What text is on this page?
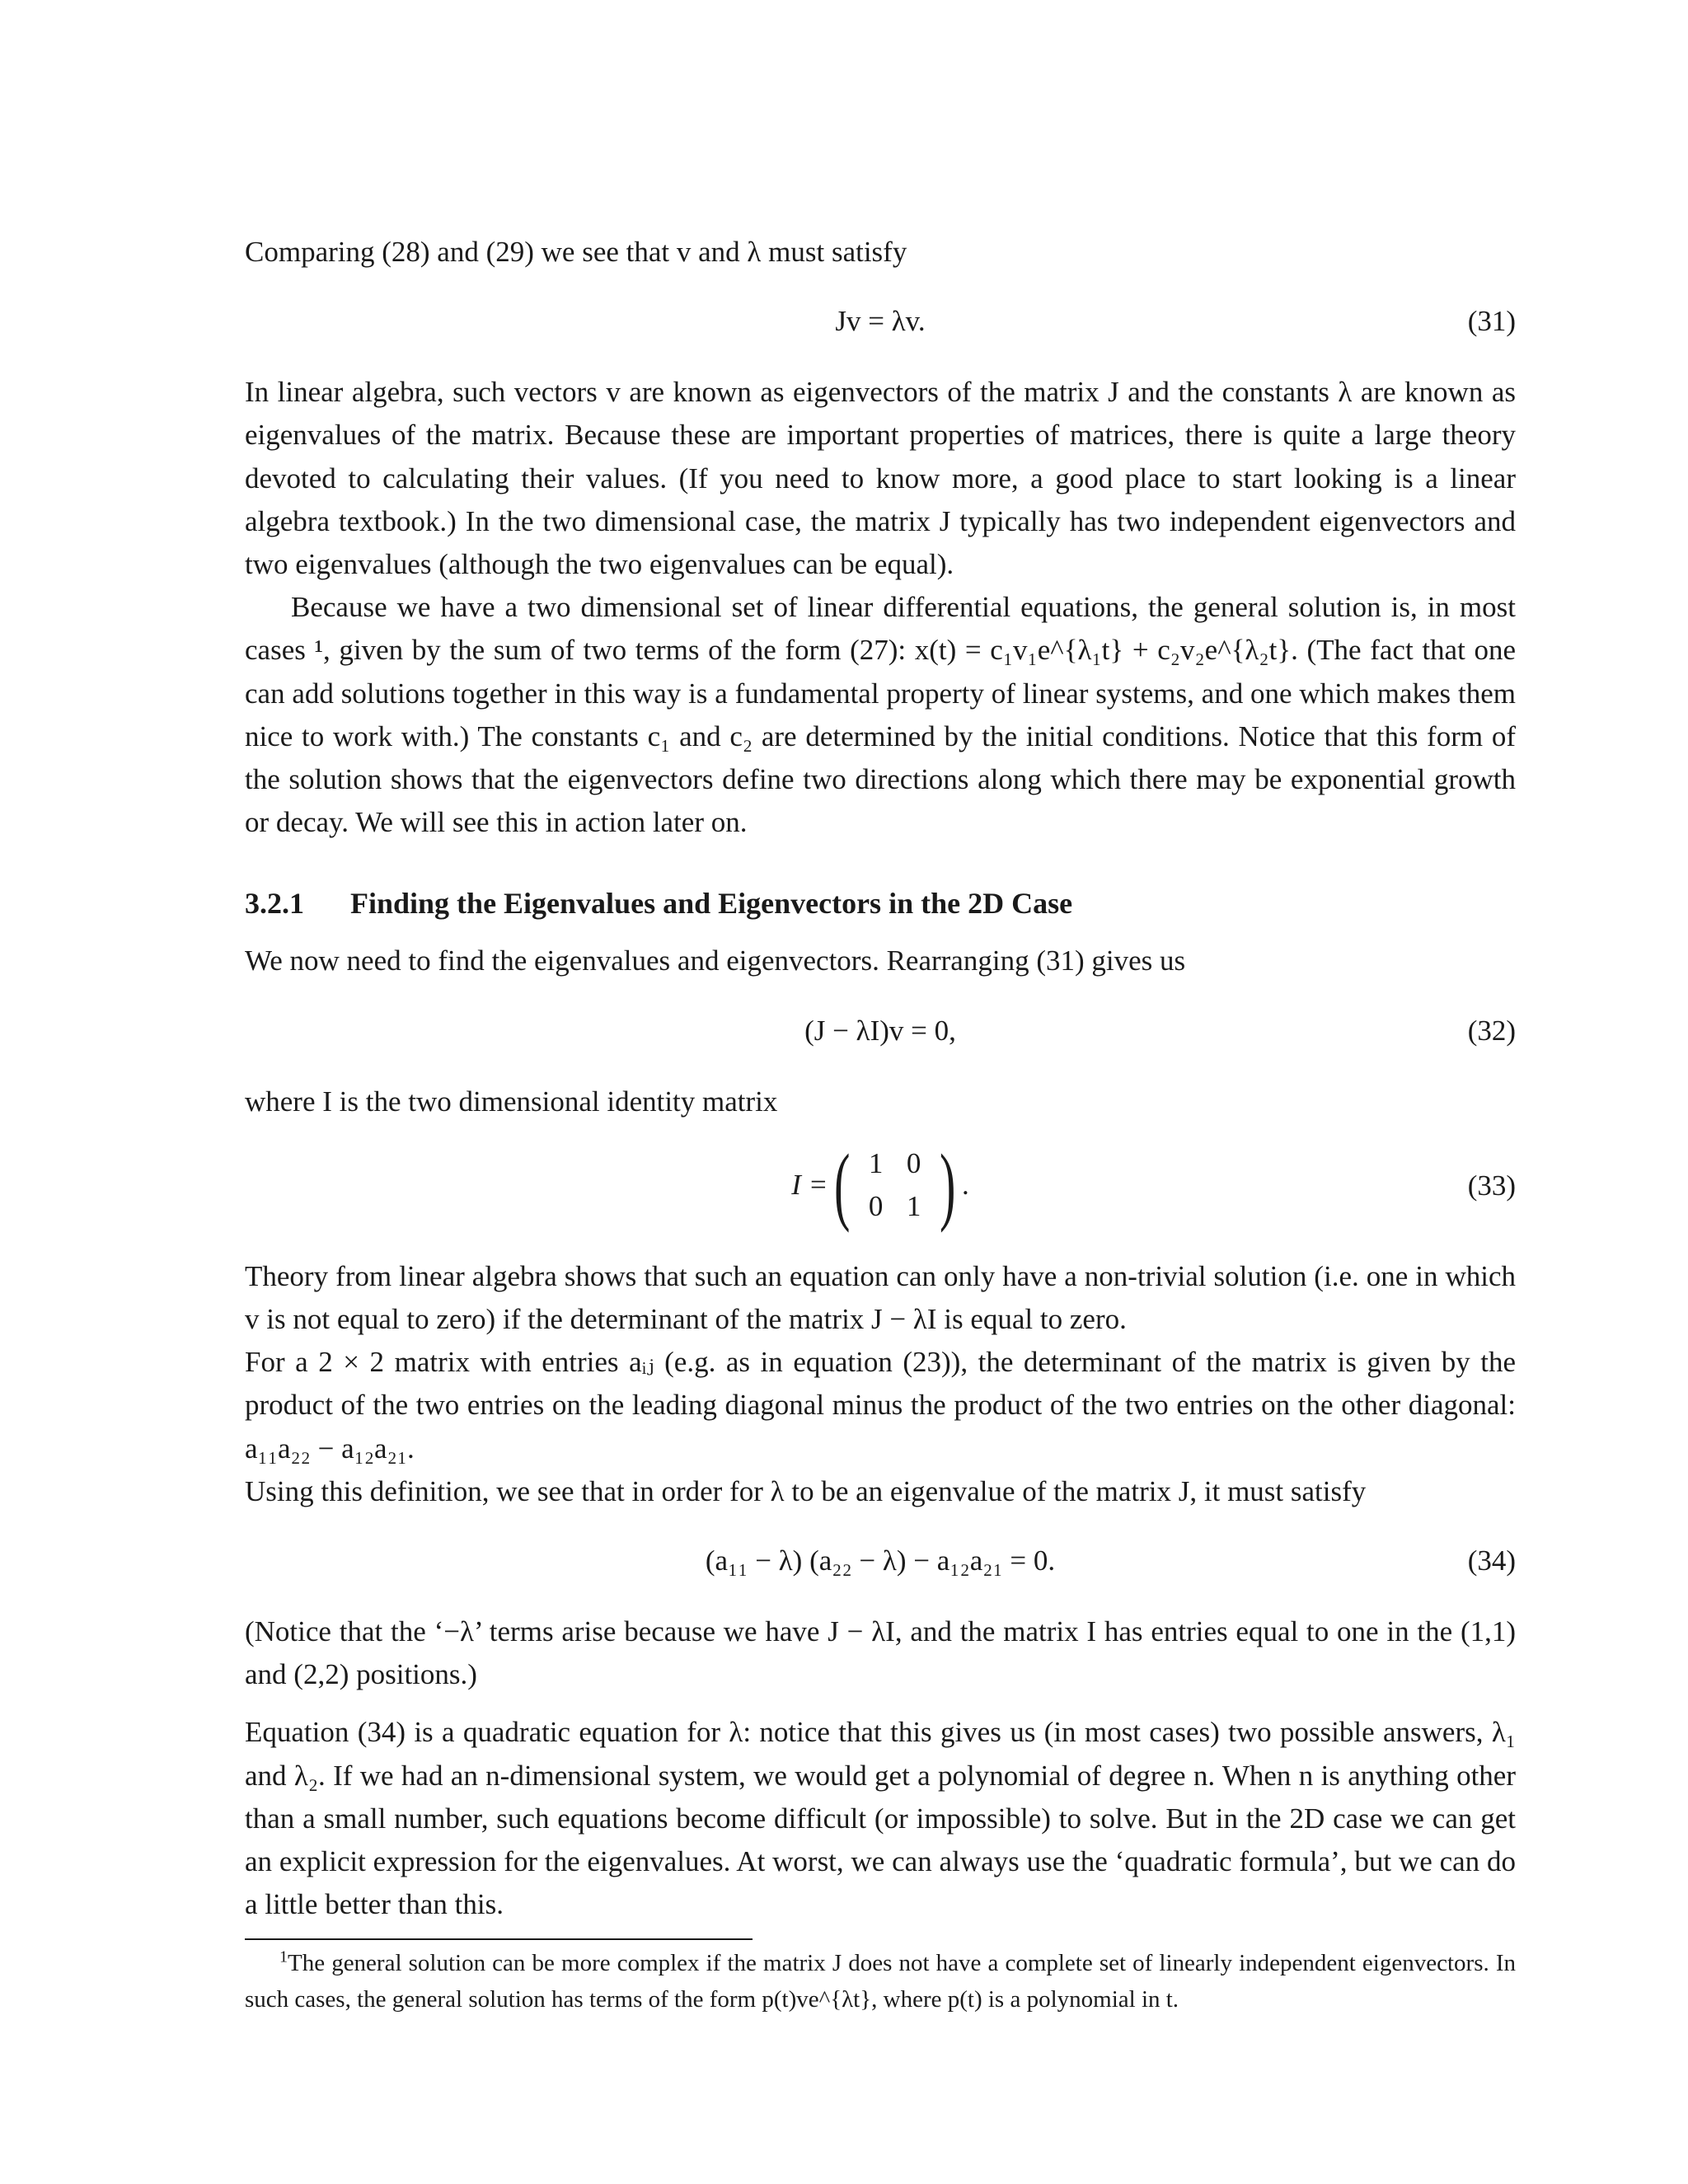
Comparing (28) and (29) we see that v and λ must satisfy

Jv = λv.	(31)

In linear algebra, such vectors v are known as eigenvectors of the matrix J and the constants λ are known as eigenvalues of the matrix. Because these are important properties of matrices, there is quite a large theory devoted to calculating their values. (If you need to know more, a good place to start looking is a linear algebra textbook.) In the two dimensional case, the matrix J typically has two independent eigenvectors and two eigenvalues (although the two eigenvalues can be equal).

Because we have a two dimensional set of linear differential equations, the general solution is, in most cases ¹, given by the sum of two terms of the form (27): x(t) = c₁v₁e^{λ₁t} + c₂v₂e^{λ₂t}. (The fact that one can add solutions together in this way is a fundamental property of linear systems, and one which makes them nice to work with.) The constants c₁ and c₂ are determined by the initial conditions. Notice that this form of the solution shows that the eigenvectors define two directions along which there may be exponential growth or decay. We will see this in action later on.

3.2.1 Finding the Eigenvalues and Eigenvectors in the 2D Case

We now need to find the eigenvalues and eigenvectors. Rearranging (31) gives us

(J − λI)v = 0,	(32)

where I is the two dimensional identity matrix

I = ( 1 0
0 1 ) .	(33)

Theory from linear algebra shows that such an equation can only have a non-trivial solution (i.e. one in which v is not equal to zero) if the determinant of the matrix J − λI is equal to zero.

For a 2 × 2 matrix with entries aᵢⱼ (e.g. as in equation (23)), the determinant of the matrix is given by the product of the two entries on the leading diagonal minus the product of the two entries on the other diagonal: a₁₁a₂₂ − a₁₂a₂₁.

Using this definition, we see that in order for λ to be an eigenvalue of the matrix J, it must satisfy

(a₁₁ − λ) (a₂₂ − λ) − a₁₂a₂₁ = 0.	(34)

(Notice that the ‘−λ’ terms arise because we have J − λI, and the matrix I has entries equal to one in the (1,1) and (2,2) positions.)

Equation (34) is a quadratic equation for λ: notice that this gives us (in most cases) two possible answers, λ₁ and λ₂. If we had an n-dimensional system, we would get a polynomial of degree n. When n is anything other than a small number, such equations become difficult (or impossible) to solve. But in the 2D case we can get an explicit expression for the eigenvalues. At worst, we can always use the ‘quadratic formula’, but we can do a little better than this.

$^1$The general solution can be more complex if the matrix J does not have a complete set of linearly independent eigenvectors. In such cases, the general solution has terms of the form p(t)ve^{λt}, where p(t) is a polynomial in t.
